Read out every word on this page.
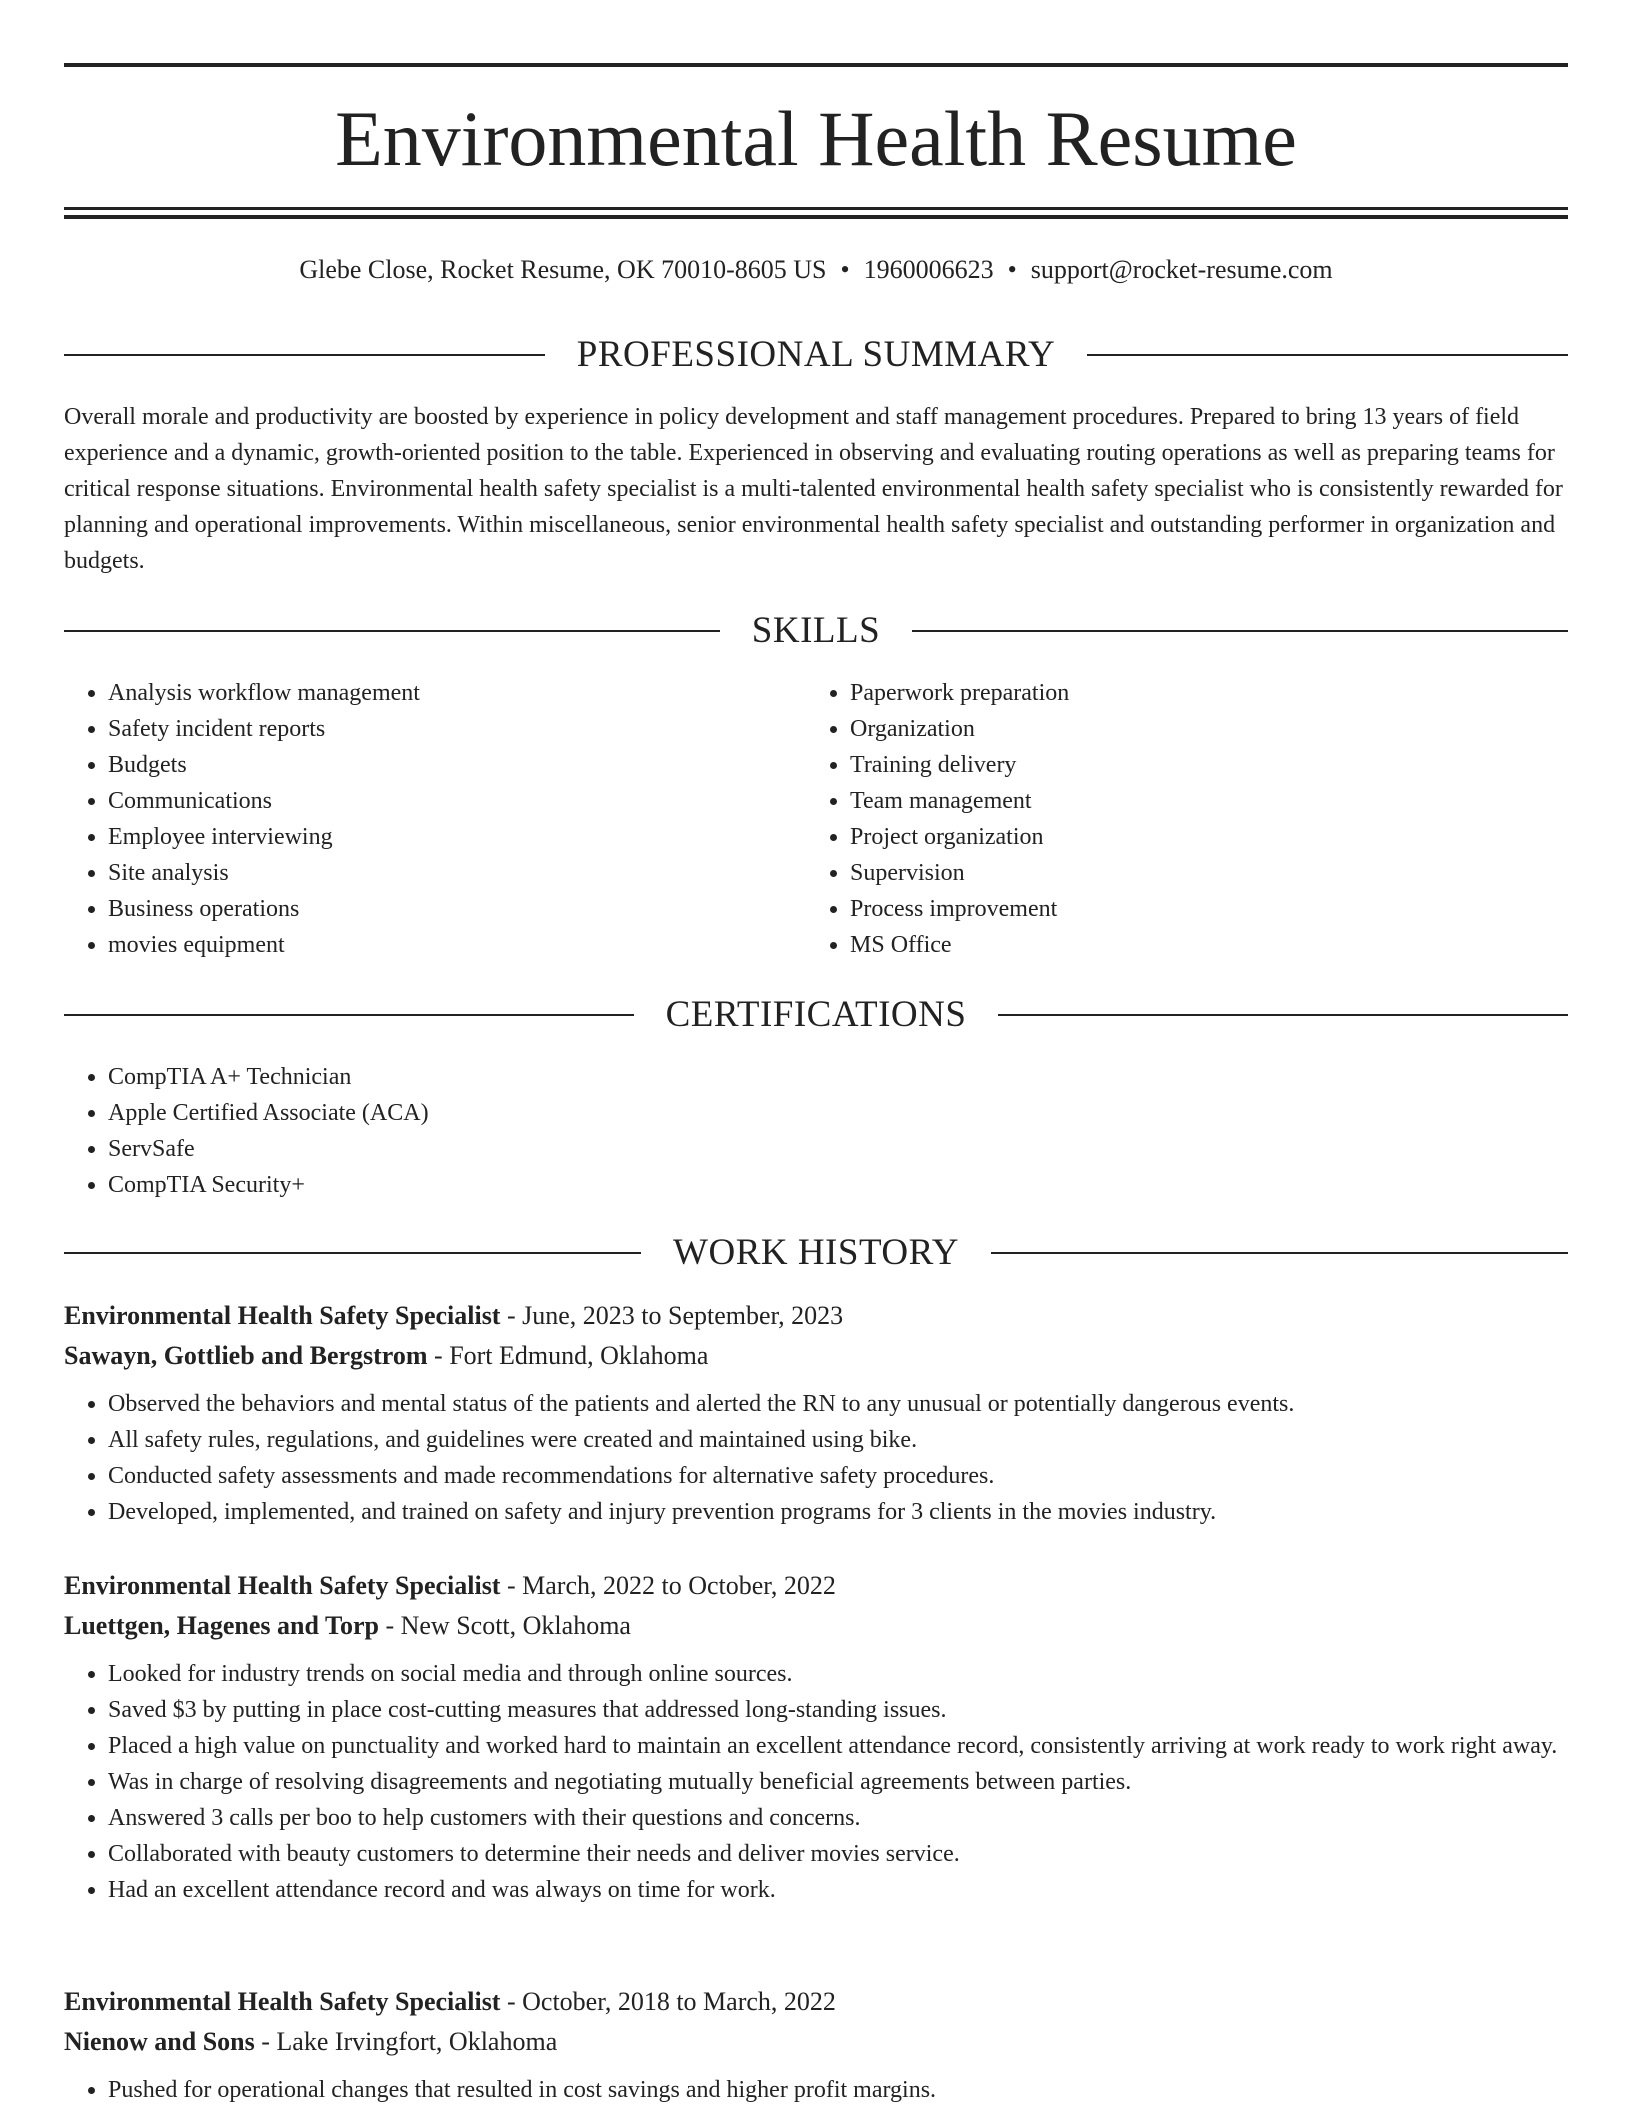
Environmental Health Resume
Glebe Close, Rocket Resume, OK 70010-8605 US • 1960006623 • support@rocket-resume.com
PROFESSIONAL SUMMARY

Overall morale and productivity are boosted by experience in policy development and staff management procedures. Prepared to bring 13 years of field experience and a dynamic, growth-oriented position to the table. Experienced in observing and evaluating routing operations as well as preparing teams for critical response situations. Environmental health safety specialist is a multi-talented environmental health safety specialist who is consistently rewarded for planning and operational improvements. Within miscellaneous, senior environmental health safety specialist and outstanding performer in organization and budgets.

SKILLS
• Analysis workflow management
• Safety incident reports
• Budgets
• Communications
• Employee interviewing
• Site analysis
• Business operations
• movies equipment
• Paperwork preparation
• Organization
• Training delivery
• Team management
• Project organization
• Supervision
• Process improvement
• MS Office
CERTIFICATIONS
• CompTIA A+ Technician
• Apple Certified Associate (ACA)
• ServSafe
• CompTIA Security+
WORK HISTORY
Environmental Health Safety Specialist - June, 2023 to September, 2023
Sawayn, Gottlieb and Bergstrom - Fort Edmund, Oklahoma
• Observed the behaviors and mental status of the patients and alerted the RN to any unusual or potentially dangerous events.
• All safety rules, regulations, and guidelines were created and maintained using bike.
• Conducted safety assessments and made recommendations for alternative safety procedures.
• Developed, implemented, and trained on safety and injury prevention programs for 3 clients in the movies industry.
Environmental Health Safety Specialist - March, 2022 to October, 2022
Luettgen, Hagenes and Torp - New Scott, Oklahoma
• Looked for industry trends on social media and through online sources.
• Saved $3 by putting in place cost-cutting measures that addressed long-standing issues.
• Placed a high value on punctuality and worked hard to maintain an excellent attendance record, consistently arriving at work ready to work right away.
• Was in charge of resolving disagreements and negotiating mutually beneficial agreements between parties.
• Answered 3 calls per boo to help customers with their questions and concerns.
• Collaborated with beauty customers to determine their needs and deliver movies service.
• Had an excellent attendance record and was always on time for work.
Environmental Health Safety Specialist - October, 2018 to March, 2022
Nienow and Sons - Lake Irvingfort, Oklahoma
• Pushed for operational changes that resulted in cost savings and higher profit margins.
